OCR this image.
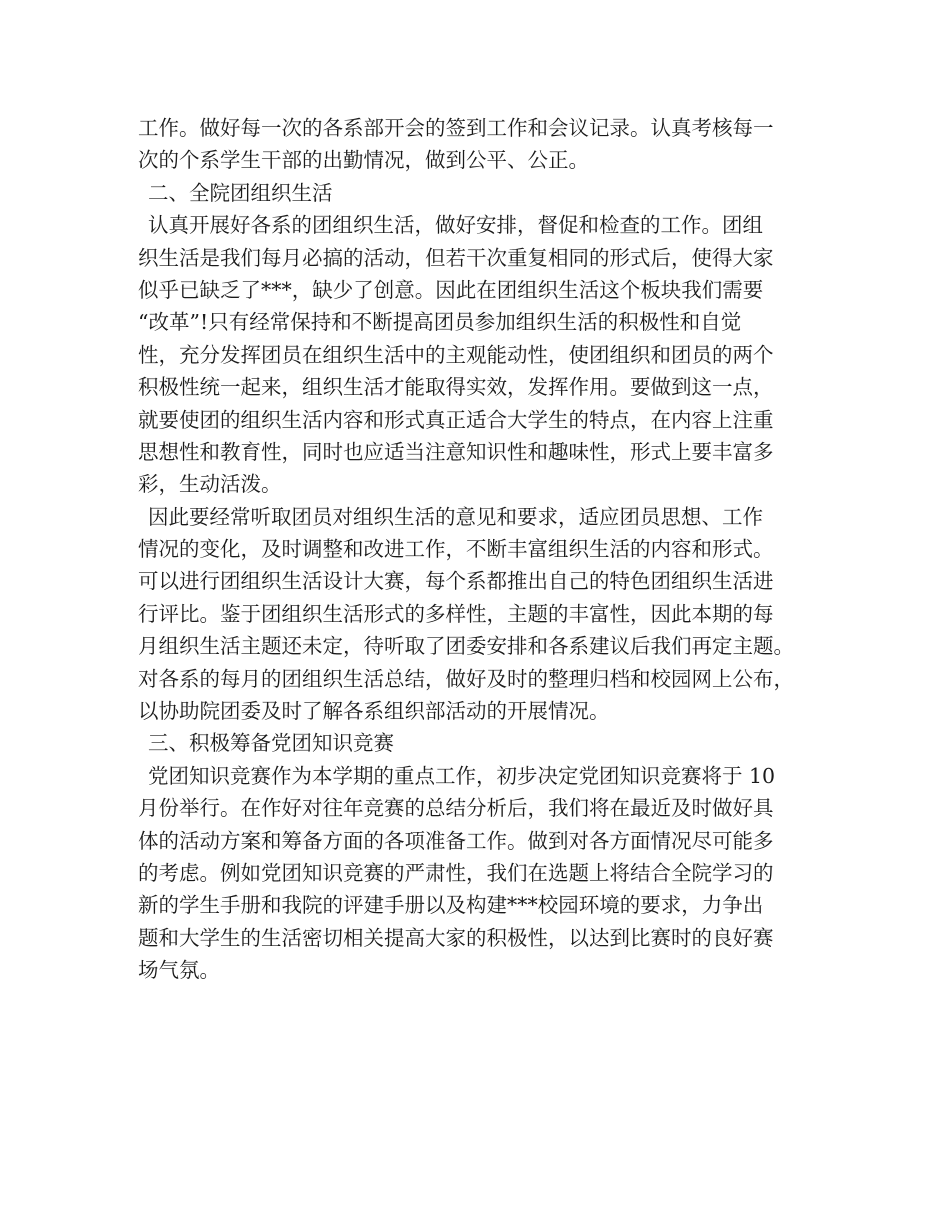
工作。做好每一次的各系部开会的签到工作和会议记录。认真考核每一
次的个系学生干部的出勤情况，做到公平、公正。
二、全院团组织生活
认真开展好各系的团组织生活，做好安排，督促和检查的工作。团组
织生活是我们每月必搞的活动，但若干次重复相同的形式后，使得大家
似乎已缺乏了***，缺少了创意。因此在团组织生活这个板块我们需要
“改革”!只有经常保持和不断提高团员参加组织生活的积极性和自觉
性，充分发挥团员在组织生活中的主观能动性，使团组织和团员的两个
积极性统一起来，组织生活才能取得实效，发挥作用。要做到这一点，
就要使团的组织生活内容和形式真正适合大学生的特点，在内容上注重
思想性和教育性，同时也应适当注意知识性和趣味性，形式上要丰富多
彩，生动活泼。
因此要经常听取团员对组织生活的意见和要求，适应团员思想、工作
情况的变化，及时调整和改进工作，不断丰富组织生活的内容和形式。
可以进行团组织生活设计大赛，每个系都推出自己的特色团组织生活进
行评比。鉴于团组织生活形式的多样性，主题的丰富性，因此本期的每
月组织生活主题还未定，待听取了团委安排和各系建议后我们再定主题。
对各系的每月的团组织生活总结，做好及时的整理归档和校园网上公布，
以协助院团委及时了解各系组织部活动的开展情况。
三、积极筹备党团知识竞赛
党团知识竞赛作为本学期的重点工作，初步决定党团知识竞赛将于 10
月份举行。在作好对往年竞赛的总结分析后，我们将在最近及时做好具
体的活动方案和筹备方面的各项准备工作。做到对各方面情况尽可能多
的考虑。例如党团知识竞赛的严肃性，我们在选题上将结合全院学习的
新的学生手册和我院的评建手册以及构建***校园环境的要求，力争出
题和大学生的生活密切相关提高大家的积极性，以达到比赛时的良好赛
场气氛。
